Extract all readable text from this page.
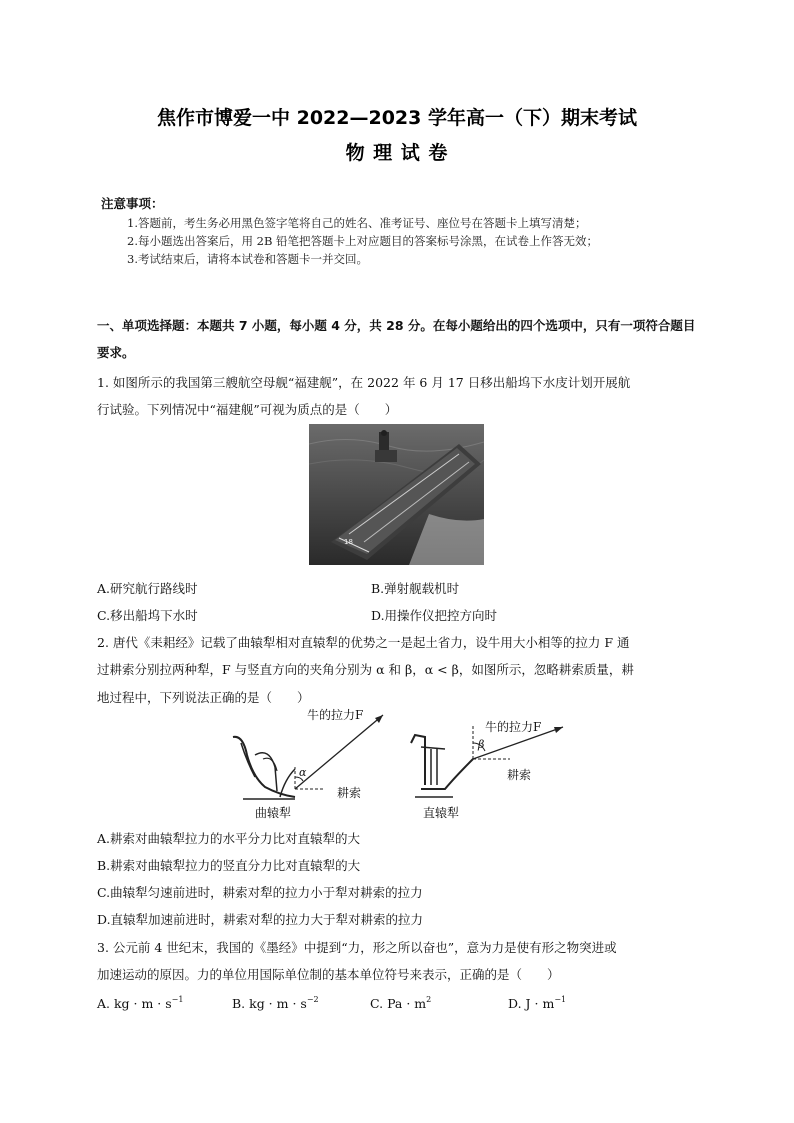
焦作市博爱一中 2022—2023 学年高一（下）期末考试
物 理 试 卷
注意事项：
1.答题前，考生务必用黑色签字笔将自己的姓名、准考证号、座位号在答题卡上填写清楚；
2.每小题选出答案后，用 2B 铅笔把答题卡上对应题目的答案标号涂黑，在试卷上作答无效；
3.考试结束后，请将本试卷和答题卡一并交回。
一、单项选择题：本题共 7 小题，每小题 4 分，共 28 分。在每小题给出的四个选项中，只有一项符合题目要求。
1. 如图所示的我国第三艘航空母舰“福建舰”，在 2022 年 6 月 17 日移出船坞下水庋计划开展航
行试验。下列情况中“福建舰”可视为质点的是（　　）
18
A.研究航行路线时	B.弹射舰载机时
C.移出船坞下水时	D.用操作仪把控方向时
2. 唐代《耒耜经》记载了曲辕犁相对直辕犁的优势之一是起土省力，设牛用大小相等的拉力 F 通
过耕索分别拉两种犁，F 与竖直方向的夹角分别为 α 和 β，α < β，如图所示，忽略耕索质量，耕
地过程中，下列说法正确的是（　　）
牛的拉力F
α
耕索
曲辕犁
牛的拉力F
β
耕索
直辕犁
A.耕索对曲辕犁拉力的水平分力比对直辕犁的大
B.耕索对曲辕犁拉力的竖直分力比对直辕犁的大
C.曲辕犁匀速前进时，耕索对犁的拉力小于犁对耕索的拉力
D.直辕犁加速前进时，耕索对犁的拉力大于犁对耕索的拉力
3. 公元前 4 世纪末，我国的《墨经》中提到“力，形之所以奋也”，意为力是使有形之物突进或
加速运动的原因。力的单位用国际单位制的基本单位符号来表示，正确的是（　　）
A. kg · $m \cdot s^{-1}$	B. kg · $m \cdot s^{-2}$	C. $Pa \cdot m^2$	D. $J \cdot m^{-1}$
